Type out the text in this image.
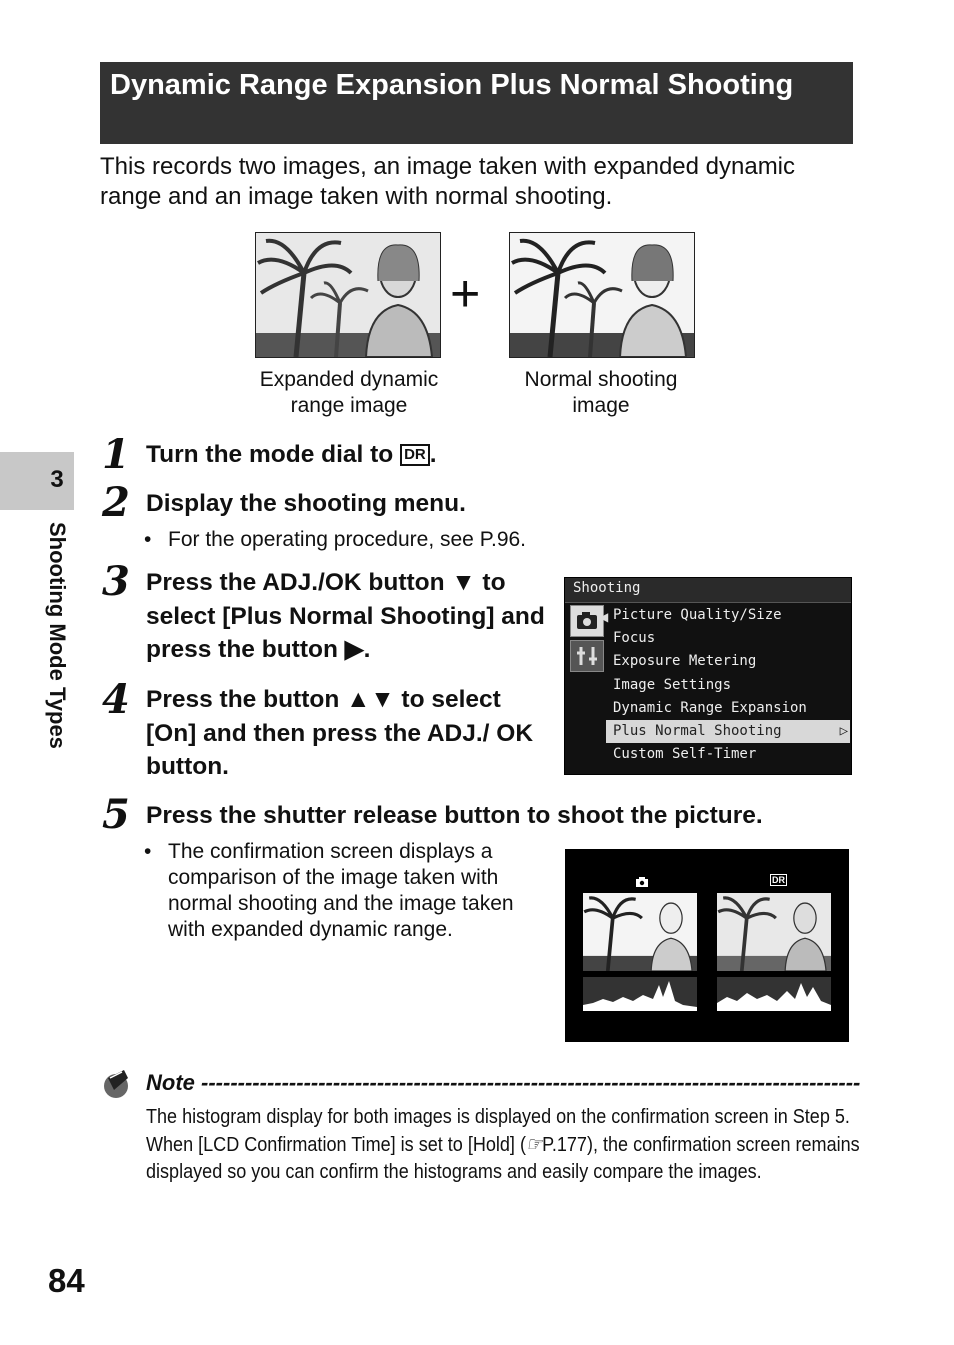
3
Shooting Mode Types
Dynamic Range Expansion Plus Normal Shooting
This records two images, an image taken with expanded dynamic range and an image taken with normal shooting.
+
Expanded dynamic range image
Normal shooting image
1 Turn the mode dial to DR .
2 Display the shooting menu.
• For the operating procedure, see P.96.
3 Press the ADJ./OK button ▼ to select [Plus Normal Shooting] and press the button ▶.
4 Press the button ▲▼ to select [On] and then press the ADJ./ OK button.
Shooting
Picture Quality/Size
Focus
Exposure Metering
Image Settings
Dynamic Range Expansion
Plus Normal Shooting	▷
Custom Self-Timer
◀
5 Press the shutter release button to shoot the picture.
• The confirmation screen displays a comparison of the image taken with normal shooting and the image taken with expanded dynamic range.
DR
Note ------------------------------------------------------------------------------------------
The histogram display for both images is displayed on the confirmation screen in Step 5. When [LCD Confirmation Time] is set to [Hold] (☞P.177), the confirmation screen remains displayed so you can confirm the histograms and easily compare the images.
84
